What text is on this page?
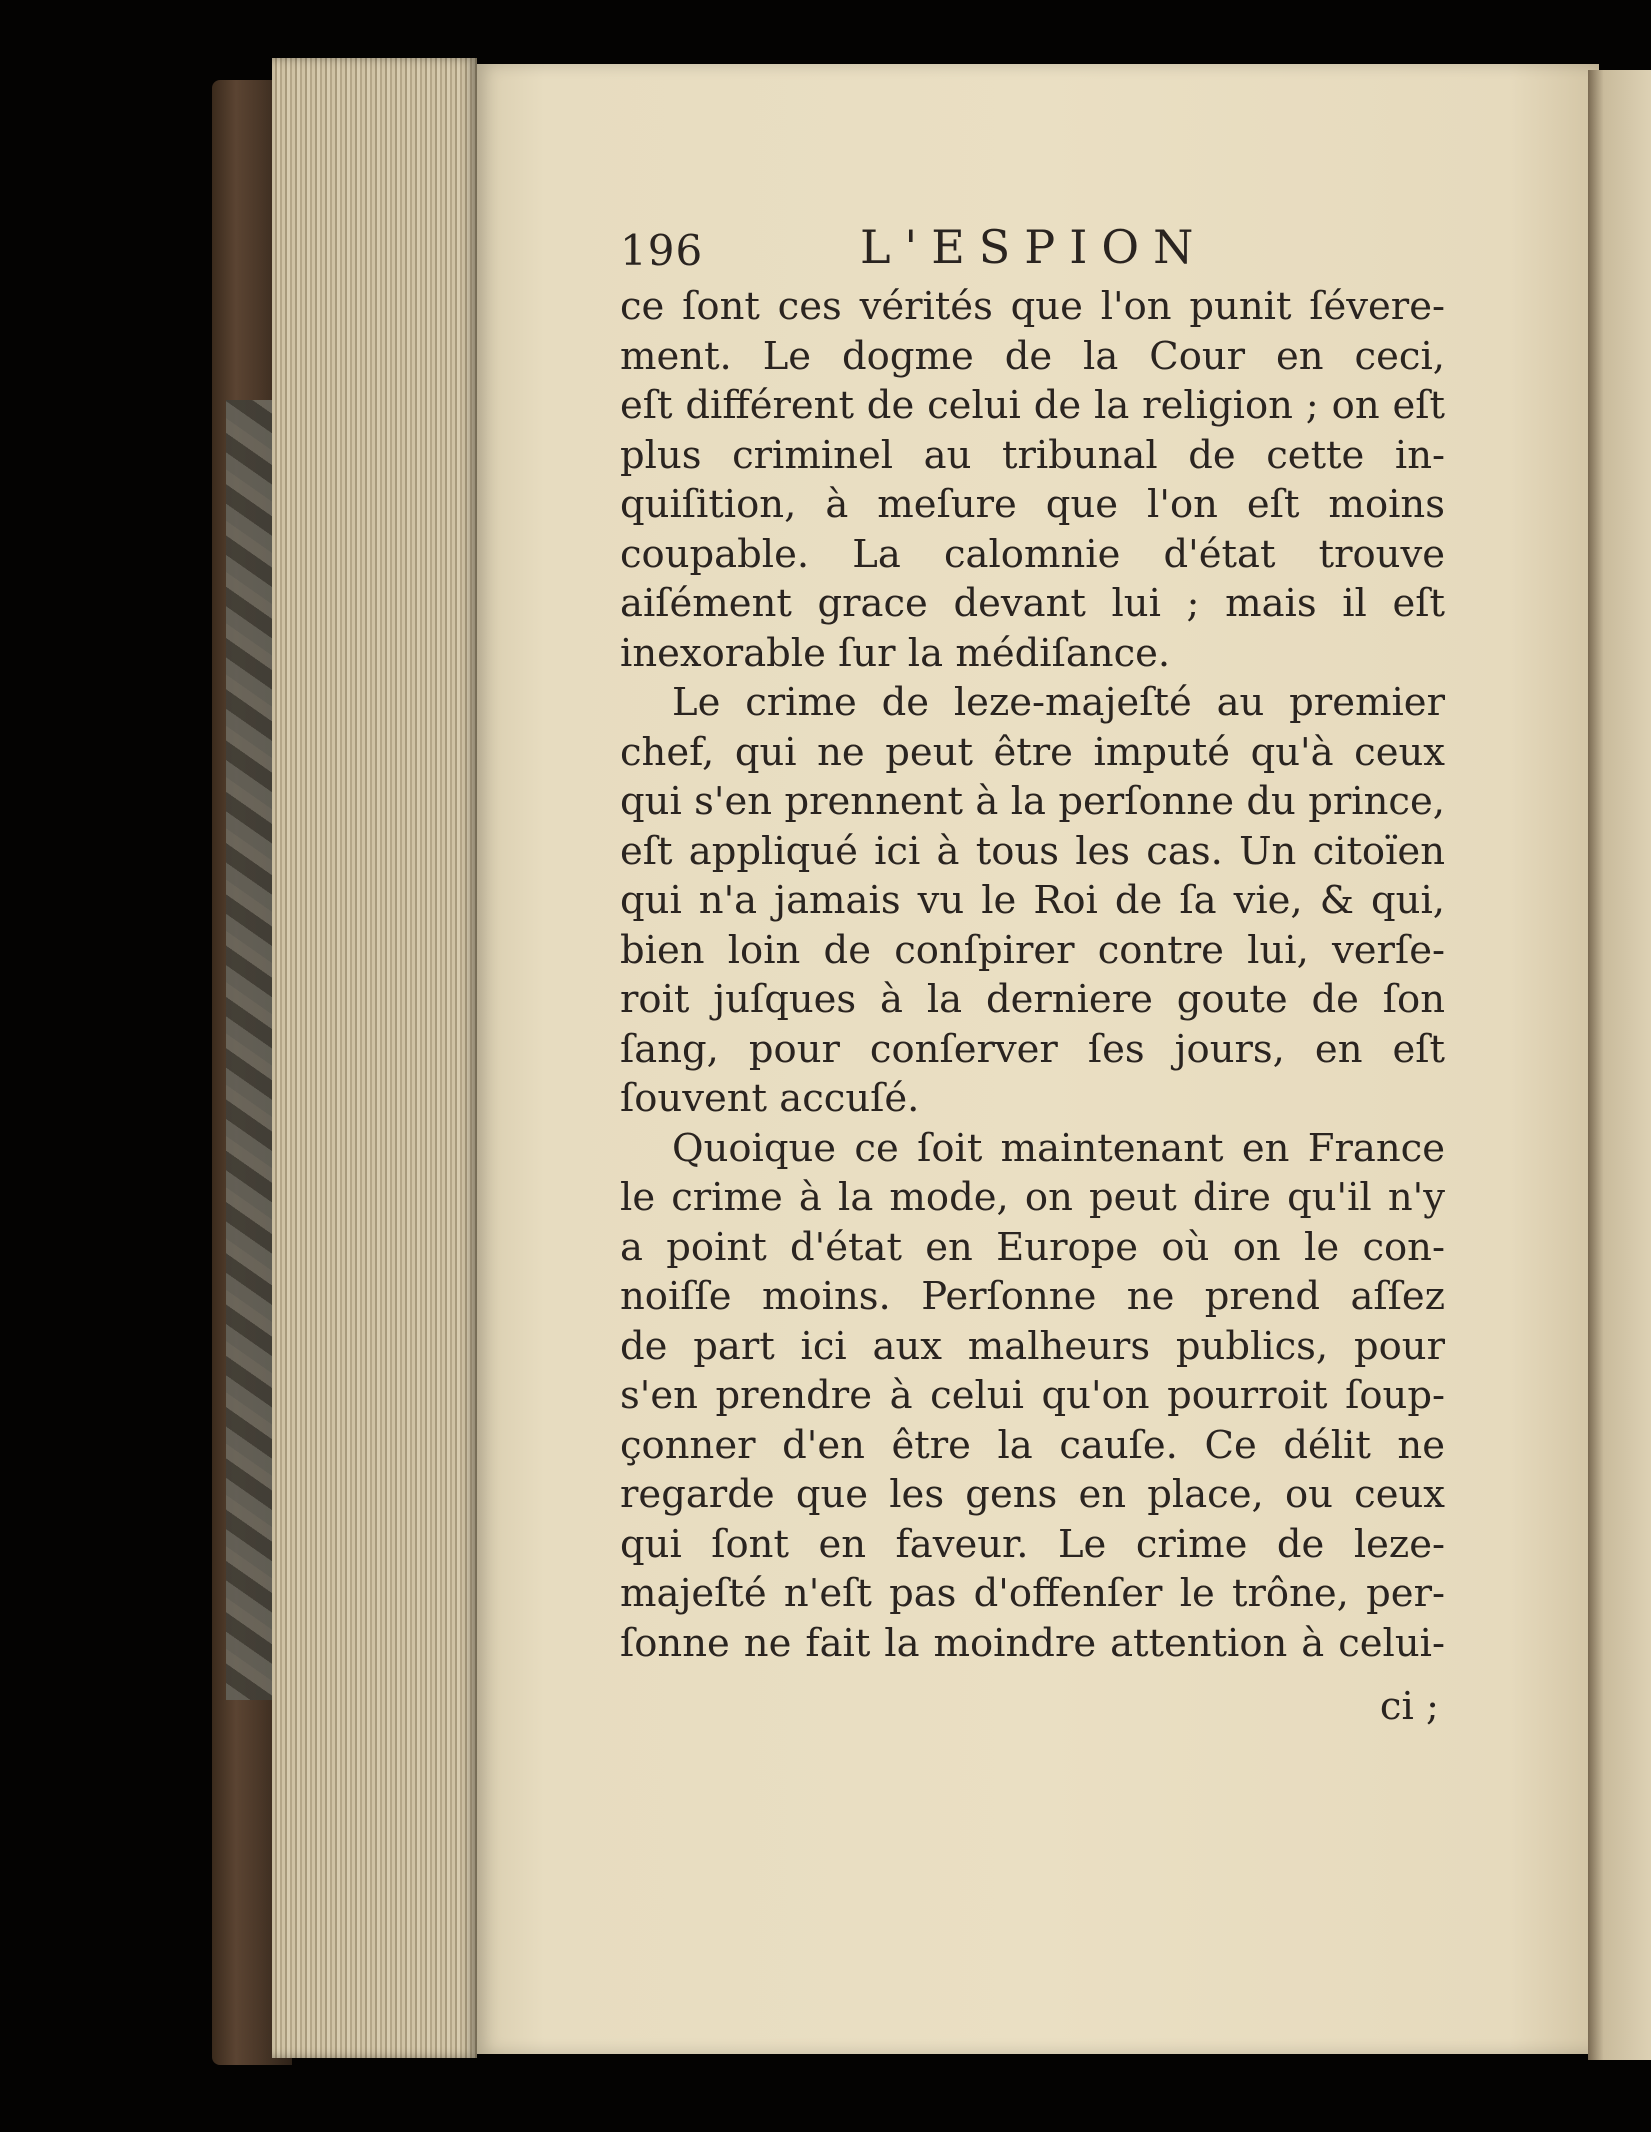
196	L'ESPION
ce ſont ces vérités que l'on punit ſévere-
ment. Le dogme de la Cour en ceci,
eſt différent de celui de la religion ; on eſt
plus criminel au tribunal de cette in-
quiſition, à meſure que l'on eſt moins
coupable. La calomnie d'état trouve
aiſément grace devant lui ; mais il eſt
inexorable ſur la médiſance.
Le crime de leze-majeſté au premier
chef, qui ne peut être imputé qu'à ceux
qui s'en prennent à la perſonne du prince,
eſt appliqué ici à tous les cas. Un citoïen
qui n'a jamais vu le Roi de ſa vie, & qui,
bien loin de conſpirer contre lui, verſe-
roit juſques à la derniere goute de ſon
ſang, pour conſerver ſes jours, en eſt
ſouvent accuſé.
Quoique ce ſoit maintenant en France
le crime à la mode, on peut dire qu'il n'y
a point d'état en Europe où on le con-
noiſſe moins. Perſonne ne prend aſſez
de part ici aux malheurs publics, pour
s'en prendre à celui qu'on pourroit ſoup-
çonner d'en être la cauſe. Ce délit ne
regarde que les gens en place, ou ceux
qui ſont en faveur. Le crime de leze-
majeſté n'eſt pas d'offenſer le trône, per-
ſonne ne fait la moindre attention à celui-
ci ;
